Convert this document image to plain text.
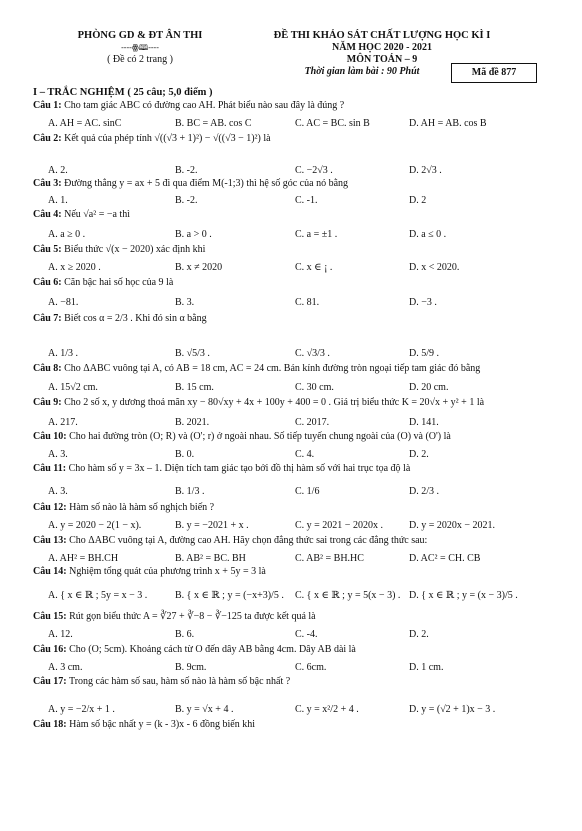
PHÒNG GD & ĐT ÂN THI
----ꙮ🕮----
( Đề có 2 trang )
ĐỀ THI KHẢO SÁT CHẤT LƯỢNG HỌC KÌ I
NĂM HỌC 2020 - 2021
MÔN TOÁN – 9
Thời gian làm bài : 90 Phút	Mã đề 877
I – TRẮC NGHIỆM ( 25 câu; 5,0 điểm )
Câu 1: Cho tam giác ABC có đường cao AH. Phát biểu nào sau đây là đúng ?
A. AH = AC. sinC	B. BC = AB. cos C	C. AC = BC. sin B	D. AH = AB. cos B
Câu 2: Kết quả của phép tính √((√3 + 1)²) − √((√3 − 1)²) là
A. 2.	B. -2.	C. −2√3 .	D. 2√3 .
Câu 3: Đường thẳng y = ax + 5 đi qua điểm M(-1;3) thì hệ số góc của nó bằng
A. 1.	B. -2.	C. -1.	D. 2
Câu 4: Nếu √a² = −a thì
A. a ≥ 0 .	B. a > 0 .	C. a = ±1 .	D. a ≤ 0 .
Câu 5: Biểu thức √(x − 2020) xác định khi
A. x ≥ 2020 .	B. x ≠ 2020	C. x ∈ ¡ .	D. x < 2020.
Câu 6: Căn bậc hai số học của 9 là
A. −81.	B. 3.	C. 81.	D. −3 .
Câu 7: Biết cos α = 2/3 . Khi đó sin α bằng
A. 1/3 .	B. √5/3 .	C. √3/3 .	D. 5/9 .
Câu 8: Cho ΔABC vuông tại A, có AB = 18 cm, AC = 24 cm. Bán kính đường tròn ngoại tiếp tam giác đó bằng
A. 15√2 cm.	B. 15 cm.	C. 30 cm.	D. 20 cm.
Câu 9: Cho 2 số x, y dương thoả mãn xy − 80√xy + 4x + 100y + 400 = 0 . Giá trị biểu thức K = 20√x + y² + 1 là
A. 217.	B. 2021.	C. 2017.	D. 141.
Câu 10: Cho hai đường tròn (O; R) và (O'; r) ở ngoài nhau. Số tiếp tuyến chung ngoài của (O) và (O') là
A. 3.	B. 0.	C. 4.	D. 2.
Câu 11: Cho hàm số y = 3x – 1. Diện tích tam giác tạo bởi đồ thị hàm số với hai trục tọa độ là
A. 3.	B. 1/3 .	C. 1/6	D. 2/3 .
Câu 12: Hàm số nào là hàm số nghịch biến ?
A. y = 2020 − 2(1 − x).	B. y = −2021 + x .	C. y = 2021 − 2020x .	D. y = 2020x − 2021.
Câu 13: Cho ΔABC vuông tại A, đường cao AH. Hãy chọn đẳng thức sai trong các đẳng thức sau:
A. AH² = BH.CH	B. AB² = BC. BH	C. AB² = BH.HC	D. AC² = CH. CB
Câu 14: Nghiệm tổng quát của phương trình x + 5y = 3 là
A. { x ∈ ℝ ; 5y = x − 3 .	B. { x ∈ ℝ ; y = (−x+3)/5 . C. { x ∈ ℝ ; y = 5(x − 3) . D. { x ∈ ℝ ; y = (x − 3)/5 .
Câu 15: Rút gọn biểu thức A = ∛27 + ∛−8 − ∛−125 ta được kết quả là
A. 12.	B. 6.	C. -4.	D. 2.
Câu 16: Cho (O; 5cm). Khoảng cách từ O đến dây AB bằng 4cm. Dây AB dài là
A. 3 cm.	B. 9cm.	C. 6cm.	D. 1 cm.
Câu 17: Trong các hàm số sau, hàm số nào là hàm số bậc nhất ?
A. y = −2/x + 1 .	B. y = √x + 4 .	C. y = x²/2 + 4 .	D. y = (√2 + 1)x − 3 .
Câu 18: Hàm số bậc nhất y = (k - 3)x - 6 đồng biến khi
